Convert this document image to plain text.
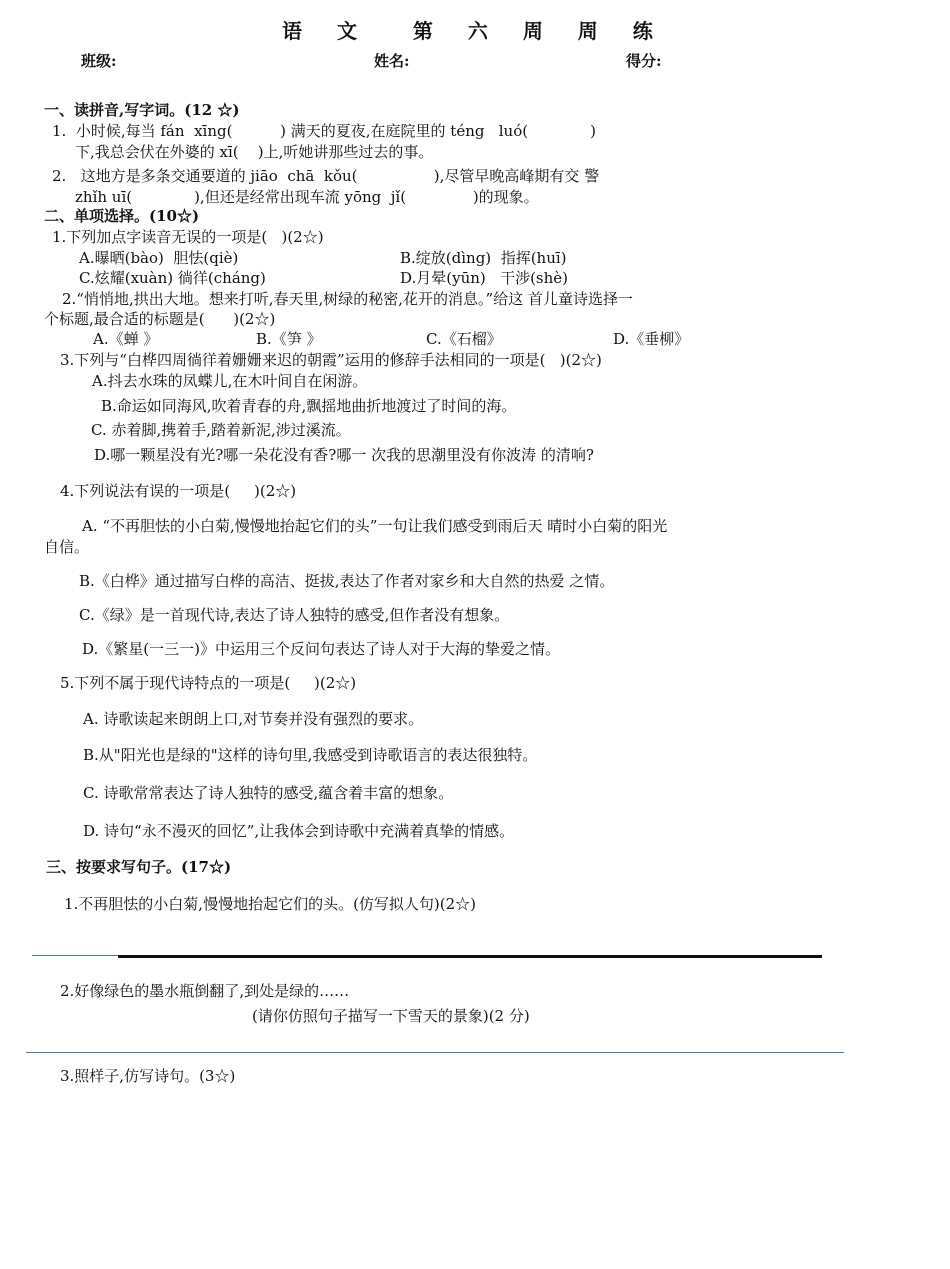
语 文  第 六 周 周 练
班级:	姓名:	得分:
一、读拼音,写字词。(12 ☆)
1.  小时候,每当 fán  xīng(          ) 满天的夏夜,在庭院里的 téng   luó(             )
下,我总会伏在外婆的 xī(    )上,听她讲那些过去的事。
2.   这地方是多条交通要道的 jiāo  chā  kǒu(                ),尽管早晚高峰期有交 警
zhǐh uī(             ),但还是经常出现车流 yōng  jǐ(              )的现象。
二、单项选择。(10☆)
1.下列加点字读音无误的一项是(   )(2☆)
A.曝晒(bào)  胆怯(qiè)	B.绽放(dìng)  指挥(huī)
C.炫耀(xuàn) 徜徉(cháng)	D.月晕(yūn)   干涉(shè)
2.“悄悄地,拱出大地。想来打听,春天里,树绿的秘密,花开的消息。”给这 首儿童诗选择一
个标题,最合适的标题是(      )(2☆)
A.《蝉 》	B.《笋 》	C.《石榴》	D.《垂柳》
3.下列与“白桦四周徜徉着姗姗来迟的朝霞”运用的修辞手法相同的一项是(   )(2☆)
A.抖去水珠的凤蝶儿,在木叶间自在闲游。
B.命运如同海风,吹着青春的舟,飘摇地曲折地渡过了时间的海。
C. 赤着脚,携着手,踏着新泥,涉过溪流。
D.哪一颗星没有光?哪一朵花没有香?哪一 次我的思潮里没有你波涛 的清响?
4.下列说法有误的一项是(     )(2☆)
A. “不再胆怯的小白菊,慢慢地抬起它们的头”一句让我们感受到雨后天 晴时小白菊的阳光
自信。
B.《白桦》通过描写白桦的高洁、挺拔,表达了作者对家乡和大自然的热爱 之情。
C.《绿》是一首现代诗,表达了诗人独特的感受,但作者没有想象。
D.《繁星(一三一)》中运用三个反问句表达了诗人对于大海的挚爱之情。
5.下列不属于现代诗特点的一项是(     )(2☆)
A. 诗歌读起来朗朗上口,对节奏并没有强烈的要求。
B.从"阳光也是绿的"这样的诗句里,我感受到诗歌语言的表达很独特。
C. 诗歌常常表达了诗人独特的感受,蕴含着丰富的想象。
D. 诗句“永不漫灭的回忆”,让我体会到诗歌中充满着真挚的情感。
三、按要求写句子。(17☆)
1.不再胆怯的小白菊,慢慢地抬起它们的头。(仿写拟人句)(2☆)
2.好像绿色的墨水瓶倒翻了,到处是绿的……
(请你仿照句子描写一下雪天的景象)(2 分)
3.照样子,仿写诗句。(3☆)
